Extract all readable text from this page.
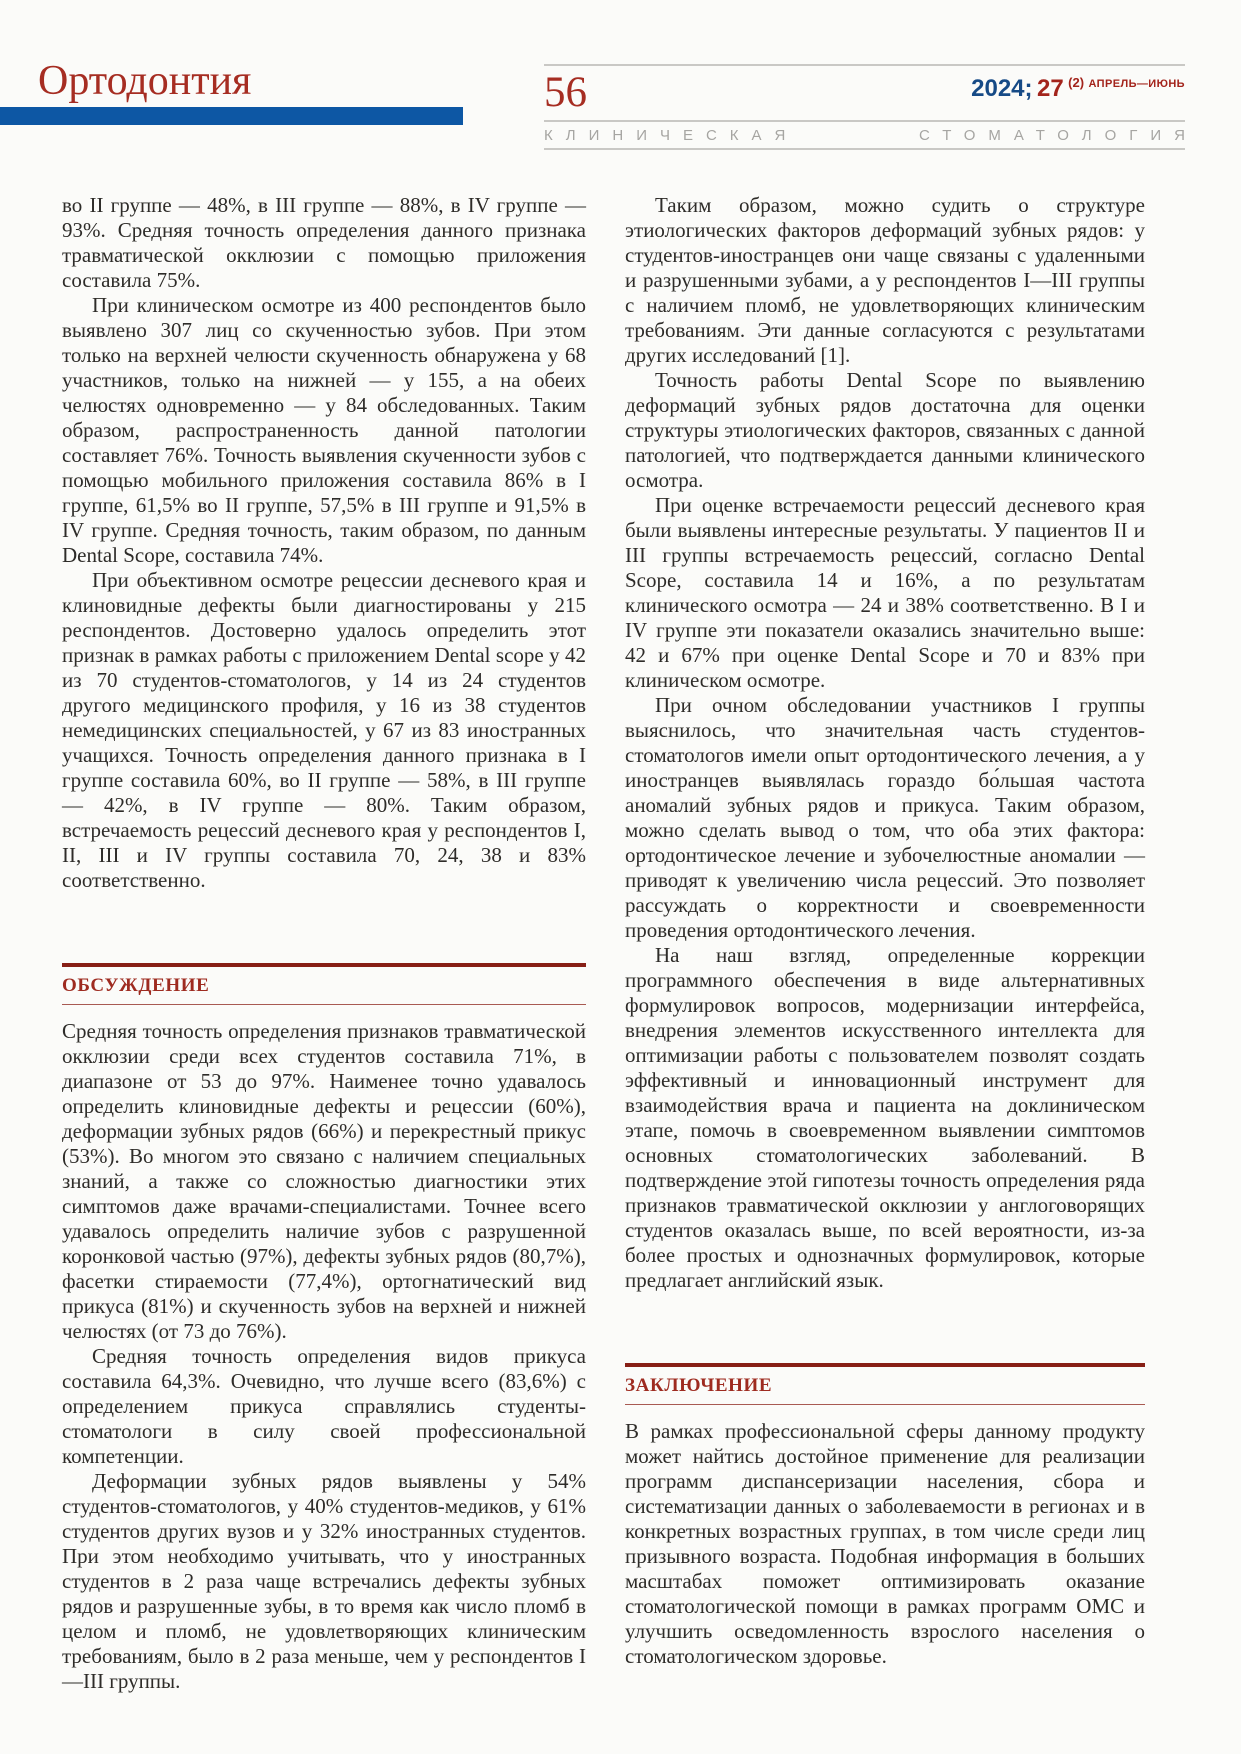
Ортодонтия	56	2024; 27 $^{(2)}$ $^{АПРЕЛЬ—ИЮНЬ}$
КЛИНИЧЕСКАЯ	СТОМАТОЛОГИЯ

во II группе — 48%, в III группе — 88%, в IV группе — 93%. Средняя точность определения данного признака травматической окклюзии с помощью приложения составила 75%.

При клиническом осмотре из 400 респондентов было выявлено 307 лиц со скученностью зубов. При этом только на верхней челюсти скученность обнаружена у 68 участников, только на нижней — у 155, а на обеих челюстях одновременно — у 84 обследованных. Таким образом, распространенность данной патологии составляет 76%. Точность выявления скученности зубов с помощью мобильного приложения составила 86% в I группе, 61,5% во II группе, 57,5% в III группе и 91,5% в IV группе. Средняя точность, таким образом, по данным Dental Scope, составила 74%.

При объективном осмотре рецессии десневого края и клиновидные дефекты были диагностированы у 215 респондентов. Достоверно удалось определить этот признак в рамках работы с приложением Dental scope у 42 из 70 студентов-стоматологов, у 14 из 24 студентов другого медицинского профиля, у 16 из 38 студентов немедицинских специальностей, у 67 из 83 иностранных учащихся. Точность определения данного признака в I группе составила 60%, во II группе — 58%, в III группе — 42%, в IV группе — 80%. Таким образом, встречаемость рецессий десневого края у респондентов I, II, III и IV группы составила 70, 24, 38 и 83% соответственно.

ОБСУЖДЕНИЕ

Средняя точность определения признаков травматической окклюзии среди всех студентов составила 71%, в диапазоне от 53 до 97%. Наименее точно удавалось определить клиновидные дефекты и рецессии (60%), деформации зубных рядов (66%) и перекрестный прикус (53%). Во многом это связано с наличием специальных знаний, а также со сложностью диагностики этих симптомов даже врачами-специалистами. Точнее всего удавалось определить наличие зубов с разрушенной коронковой частью (97%), дефекты зубных рядов (80,7%), фасетки стираемости (77,4%), ортогнатический вид прикуса (81%) и скученность зубов на верхней и нижней челюстях (от 73 до 76%).

Средняя точность определения видов прикуса составила 64,3%. Очевидно, что лучше всего (83,6%) с определением прикуса справлялись студенты-стоматологи в силу своей профессиональной компетенции.

Деформации зубных рядов выявлены у 54% студентов-стоматологов, у 40% студентов-медиков, у 61% студентов других вузов и у 32% иностранных студентов. При этом необходимо учитывать, что у иностранных студентов в 2 раза чаще встречались дефекты зубных рядов и разрушенные зубы, в то время как число пломб в целом и пломб, не удовлетворяющих клиническим требованиям, было в 2 раза меньше, чем у респондентов I—III группы.

Таким образом, можно судить о структуре этиологических факторов деформаций зубных рядов: у студентов-иностранцев они чаще связаны с удаленными и разрушенными зубами, а у респондентов I—III группы с наличием пломб, не удовлетворяющих клиническим требованиям. Эти данные согласуются с результатами других исследований [1].

Точность работы Dental Scope по выявлению деформаций зубных рядов достаточна для оценки структуры этиологических факторов, связанных с данной патологией, что подтверждается данными клинического осмотра.

При оценке встречаемости рецессий десневого края были выявлены интересные результаты. У пациентов II и III группы встречаемость рецессий, согласно Dental Scope, составила 14 и 16%, а по результатам клинического осмотра — 24 и 38% соответственно. В I и IV группе эти показатели оказались значительно выше: 42 и 67% при оценке Dental Scope и 70 и 83% при клиническом осмотре.

При очном обследовании участников I группы выяснилось, что значительная часть студентов-стоматологов имели опыт ортодонтического лечения, а у иностранцев выявлялась гораздо бо́льшая частота аномалий зубных рядов и прикуса. Таким образом, можно сделать вывод о том, что оба этих фактора: ортодонтическое лечение и зубочелюстные аномалии — приводят к увеличению числа рецессий. Это позволяет рассуждать о корректности и своевременности проведения ортодонтического лечения.

На наш взгляд, определенные коррекции программного обеспечения в виде альтернативных формулировок вопросов, модернизации интерфейса, внедрения элементов искусственного интеллекта для оптимизации работы с пользователем позволят создать эффективный и инновационный инструмент для взаимодействия врача и пациента на доклиническом этапе, помочь в своевременном выявлении симптомов основных стоматологических заболеваний. В подтверждение этой гипотезы точность определения ряда признаков травматической окклюзии у англоговорящих студентов оказалась выше, по всей вероятности, из-за более простых и однозначных формулировок, которые предлагает английский язык.

ЗАКЛЮЧЕНИЕ

В рамках профессиональной сферы данному продукту может найтись достойное применение для реализации программ диспансеризации населения, сбора и систематизации данных о заболеваемости в регионах и в конкретных возрастных группах, в том числе среди лиц призывного возраста. Подобная информация в больших масштабах поможет оптимизировать оказание стоматологической помощи в рамках программ ОМС и улучшить осведомленность взрослого населения о стоматологическом здоровье.
